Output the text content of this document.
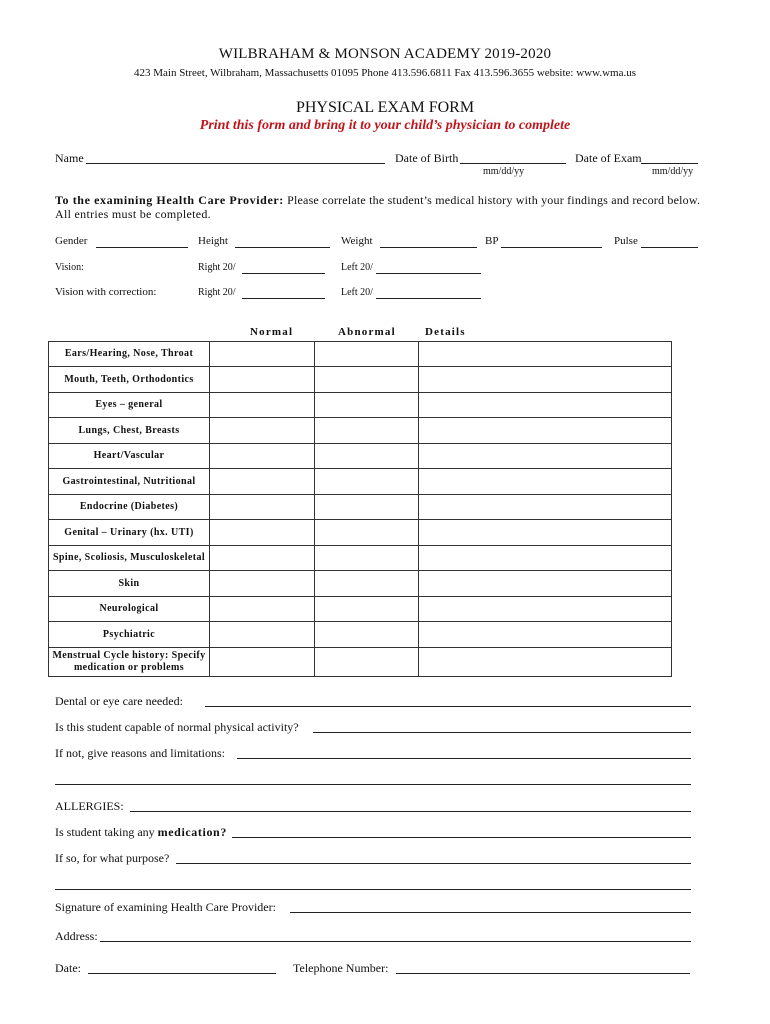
WILBRAHAM & MONSON ACADEMY 2019-2020
423 Main Street, Wilbraham, Massachusetts 01095 Phone 413.596.6811 Fax 413.596.3655 website: www.wma.us
PHYSICAL EXAM FORM
Print this form and bring it to your child’s physician to complete
Name	Date of Birth
mm/dd/yy
Date of Exam
mm/dd/yy
To the examining Health Care Provider: Please correlate the student’s medical history with your findings and record below.
All entries must be completed.
Gender	Height	Weight	BP	Pulse
Vision:	Right 20/	Left 20/
Vision with correction:	Right 20/	Left 20/
Normal	Abnormal	Details
Ears/Hearing, Nose, Throat			
Mouth, Teeth, Orthodontics			
Eyes – general			
Lungs, Chest, Breasts			
Heart/Vascular			
Gastrointestinal, Nutritional			
Endocrine (Diabetes)			
Genital – Urinary (hx. UTI)			
Spine, Scoliosis, Musculoskeletal			
Skin			
Neurological			
Psychiatric			
Menstrual Cycle history: Specify medication or problems			
Dental or eye care needed:
Is this student capable of normal physical activity?
If not, give reasons and limitations:
ALLERGIES:
Is student taking any medication?
If so, for what purpose?
Signature of examining Health Care Provider:
Address:
Date:	Telephone Number:
